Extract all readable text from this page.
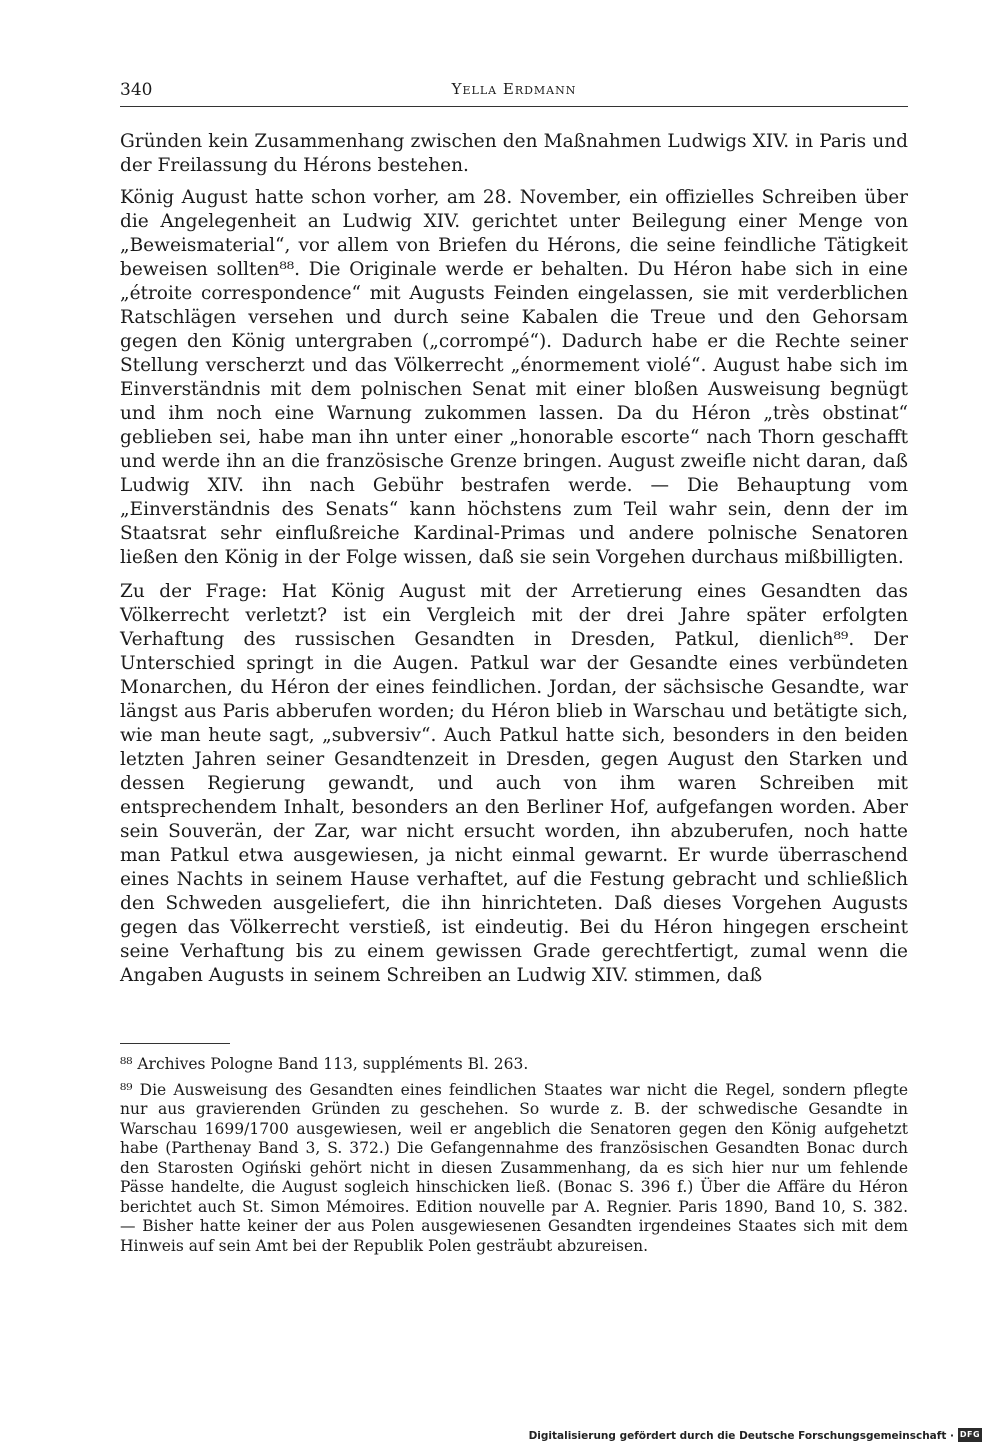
340	Yella Erdmann

Gründen kein Zusammenhang zwischen den Maßnahmen Ludwigs XIV. in Paris und der Freilassung du Hérons bestehen.

König August hatte schon vorher, am 28. November, ein offizielles Schreiben über die Angelegenheit an Ludwig XIV. gerichtet unter Beilegung einer Menge von „Beweismaterial“, vor allem von Briefen du Hérons, die seine feindliche Tätigkeit beweisen sollten⁸⁸. Die Originale werde er behalten. Du Héron habe sich in eine „étroite correspondence“ mit Augusts Feinden eingelassen, sie mit verderblichen Ratschlägen versehen und durch seine Kabalen die Treue und den Gehorsam gegen den König untergraben („corrompé“). Dadurch habe er die Rechte seiner Stellung verscherzt und das Völkerrecht „énormement violé“. August habe sich im Einverständnis mit dem polnischen Senat mit einer bloßen Ausweisung begnügt und ihm noch eine Warnung zukommen lassen. Da du Héron „très obstinat“ geblieben sei, habe man ihn unter einer „honorable escorte“ nach Thorn geschafft und werde ihn an die französische Grenze bringen. August zweifle nicht daran, daß Ludwig XIV. ihn nach Gebühr bestrafen werde. — Die Behauptung vom „Einverständnis des Senats“ kann höchstens zum Teil wahr sein, denn der im Staatsrat sehr einflußreiche Kardinal-Primas und andere polnische Senatoren ließen den König in der Folge wissen, daß sie sein Vorgehen durchaus mißbilligten.

Zu der Frage: Hat König August mit der Arretierung eines Gesandten das Völkerrecht verletzt? ist ein Vergleich mit der drei Jahre später erfolgten Verhaftung des russischen Gesandten in Dresden, Patkul, dienlich⁸⁹. Der Unterschied springt in die Augen. Patkul war der Gesandte eines verbündeten Monarchen, du Héron der eines feindlichen. Jordan, der sächsische Gesandte, war längst aus Paris abberufen worden; du Héron blieb in Warschau und betätigte sich, wie man heute sagt, „subversiv“. Auch Patkul hatte sich, besonders in den beiden letzten Jahren seiner Gesandtenzeit in Dresden, gegen August den Starken und dessen Regierung gewandt, und auch von ihm waren Schreiben mit entsprechendem Inhalt, besonders an den Berliner Hof, aufgefangen worden. Aber sein Souverän, der Zar, war nicht ersucht worden, ihn abzuberufen, noch hatte man Patkul etwa ausgewiesen, ja nicht einmal gewarnt. Er wurde überraschend eines Nachts in seinem Hause verhaftet, auf die Festung gebracht und schließlich den Schweden ausgeliefert, die ihn hinrichteten. Daß dieses Vorgehen Augusts gegen das Völkerrecht verstieß, ist eindeutig. Bei du Héron hingegen erscheint seine Verhaftung bis zu einem gewissen Grade gerechtfertigt, zumal wenn die Angaben Augusts in seinem Schreiben an Ludwig XIV. stimmen, daß

⁸⁸ Archives Pologne Band 113, suppléments Bl. 263.

⁸⁹ Die Ausweisung des Gesandten eines feindlichen Staates war nicht die Regel, sondern pflegte nur aus gravierenden Gründen zu geschehen. So wurde z. B. der schwedische Gesandte in Warschau 1699/1700 ausgewiesen, weil er angeblich die Senatoren gegen den König aufgehetzt habe (Parthenay Band 3, S. 372.) Die Gefangennahme des französischen Gesandten Bonac durch den Starosten Ogiński gehört nicht in diesen Zusammenhang, da es sich hier nur um fehlende Pässe handelte, die August sogleich hinschicken ließ. (Bonac S. 396 f.) Über die Affäre du Héron berichtet auch St. Simon Mémoires. Edition nouvelle par A. Regnier. Paris 1890, Band 10, S. 382. — Bisher hatte keiner der aus Polen ausgewiesenen Gesandten irgendeines Staates sich mit dem Hinweis auf sein Amt bei der Republik Polen gesträubt abzureisen.

Digitalisierung gefördert durch die Deutsche Forschungsgemeinschaft · DFG
